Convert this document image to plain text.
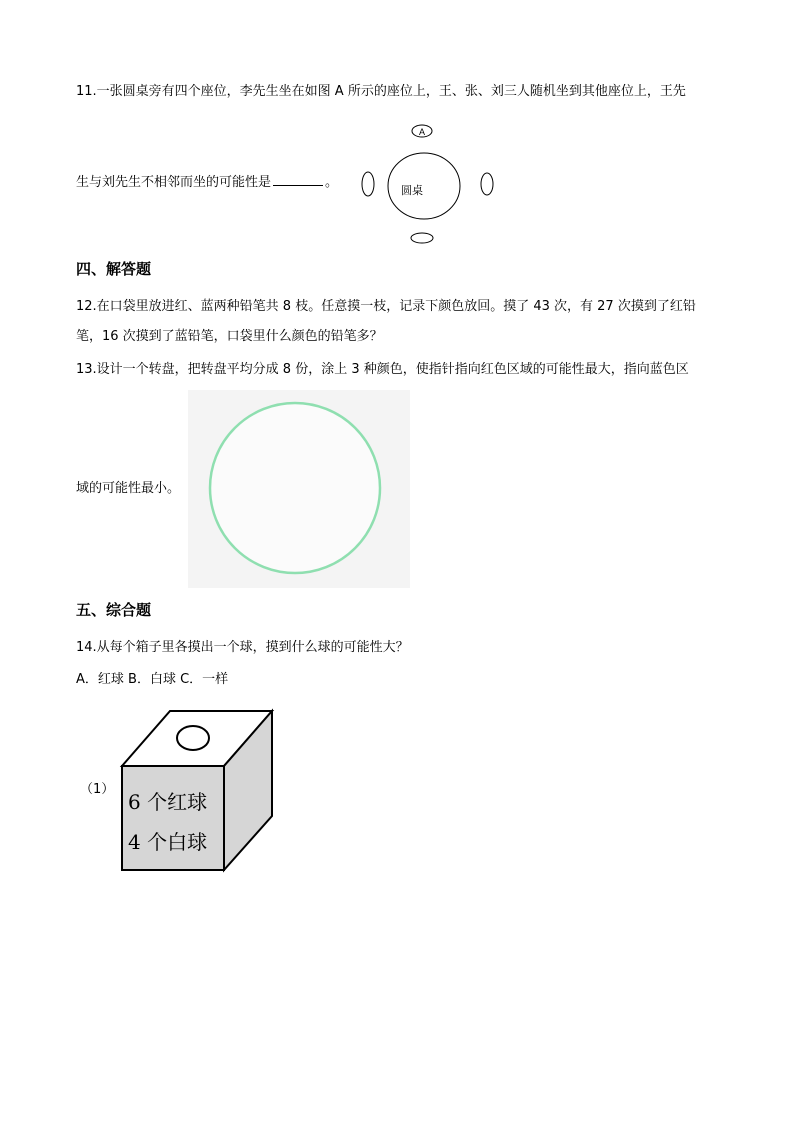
11.一张圆桌旁有四个座位，李先生坐在如图 A 所示的座位上，王、张、刘三人随机坐到其他座位上，王先
A
圆桌
生与刘先生不相邻而坐的可能性是	。
四、解答题
12.在口袋里放进红、蓝两种铅笔共 8 枝。任意摸一枝，记录下颜色放回。摸了 43 次，有 27 次摸到了红铅
笔，16 次摸到了蓝铅笔，口袋里什么颜色的铅笔多？
13.设计一个转盘，把转盘平均分成 8 份，涂上 3 种颜色，使指针指向红色区域的可能性最大，指向蓝色区
域的可能性最小。
五、综合题
14.从每个箱子里各摸出一个球，摸到什么球的可能性大？
A．红球 B．白球 C．一样
（1）
6 个红球
4 个白球
